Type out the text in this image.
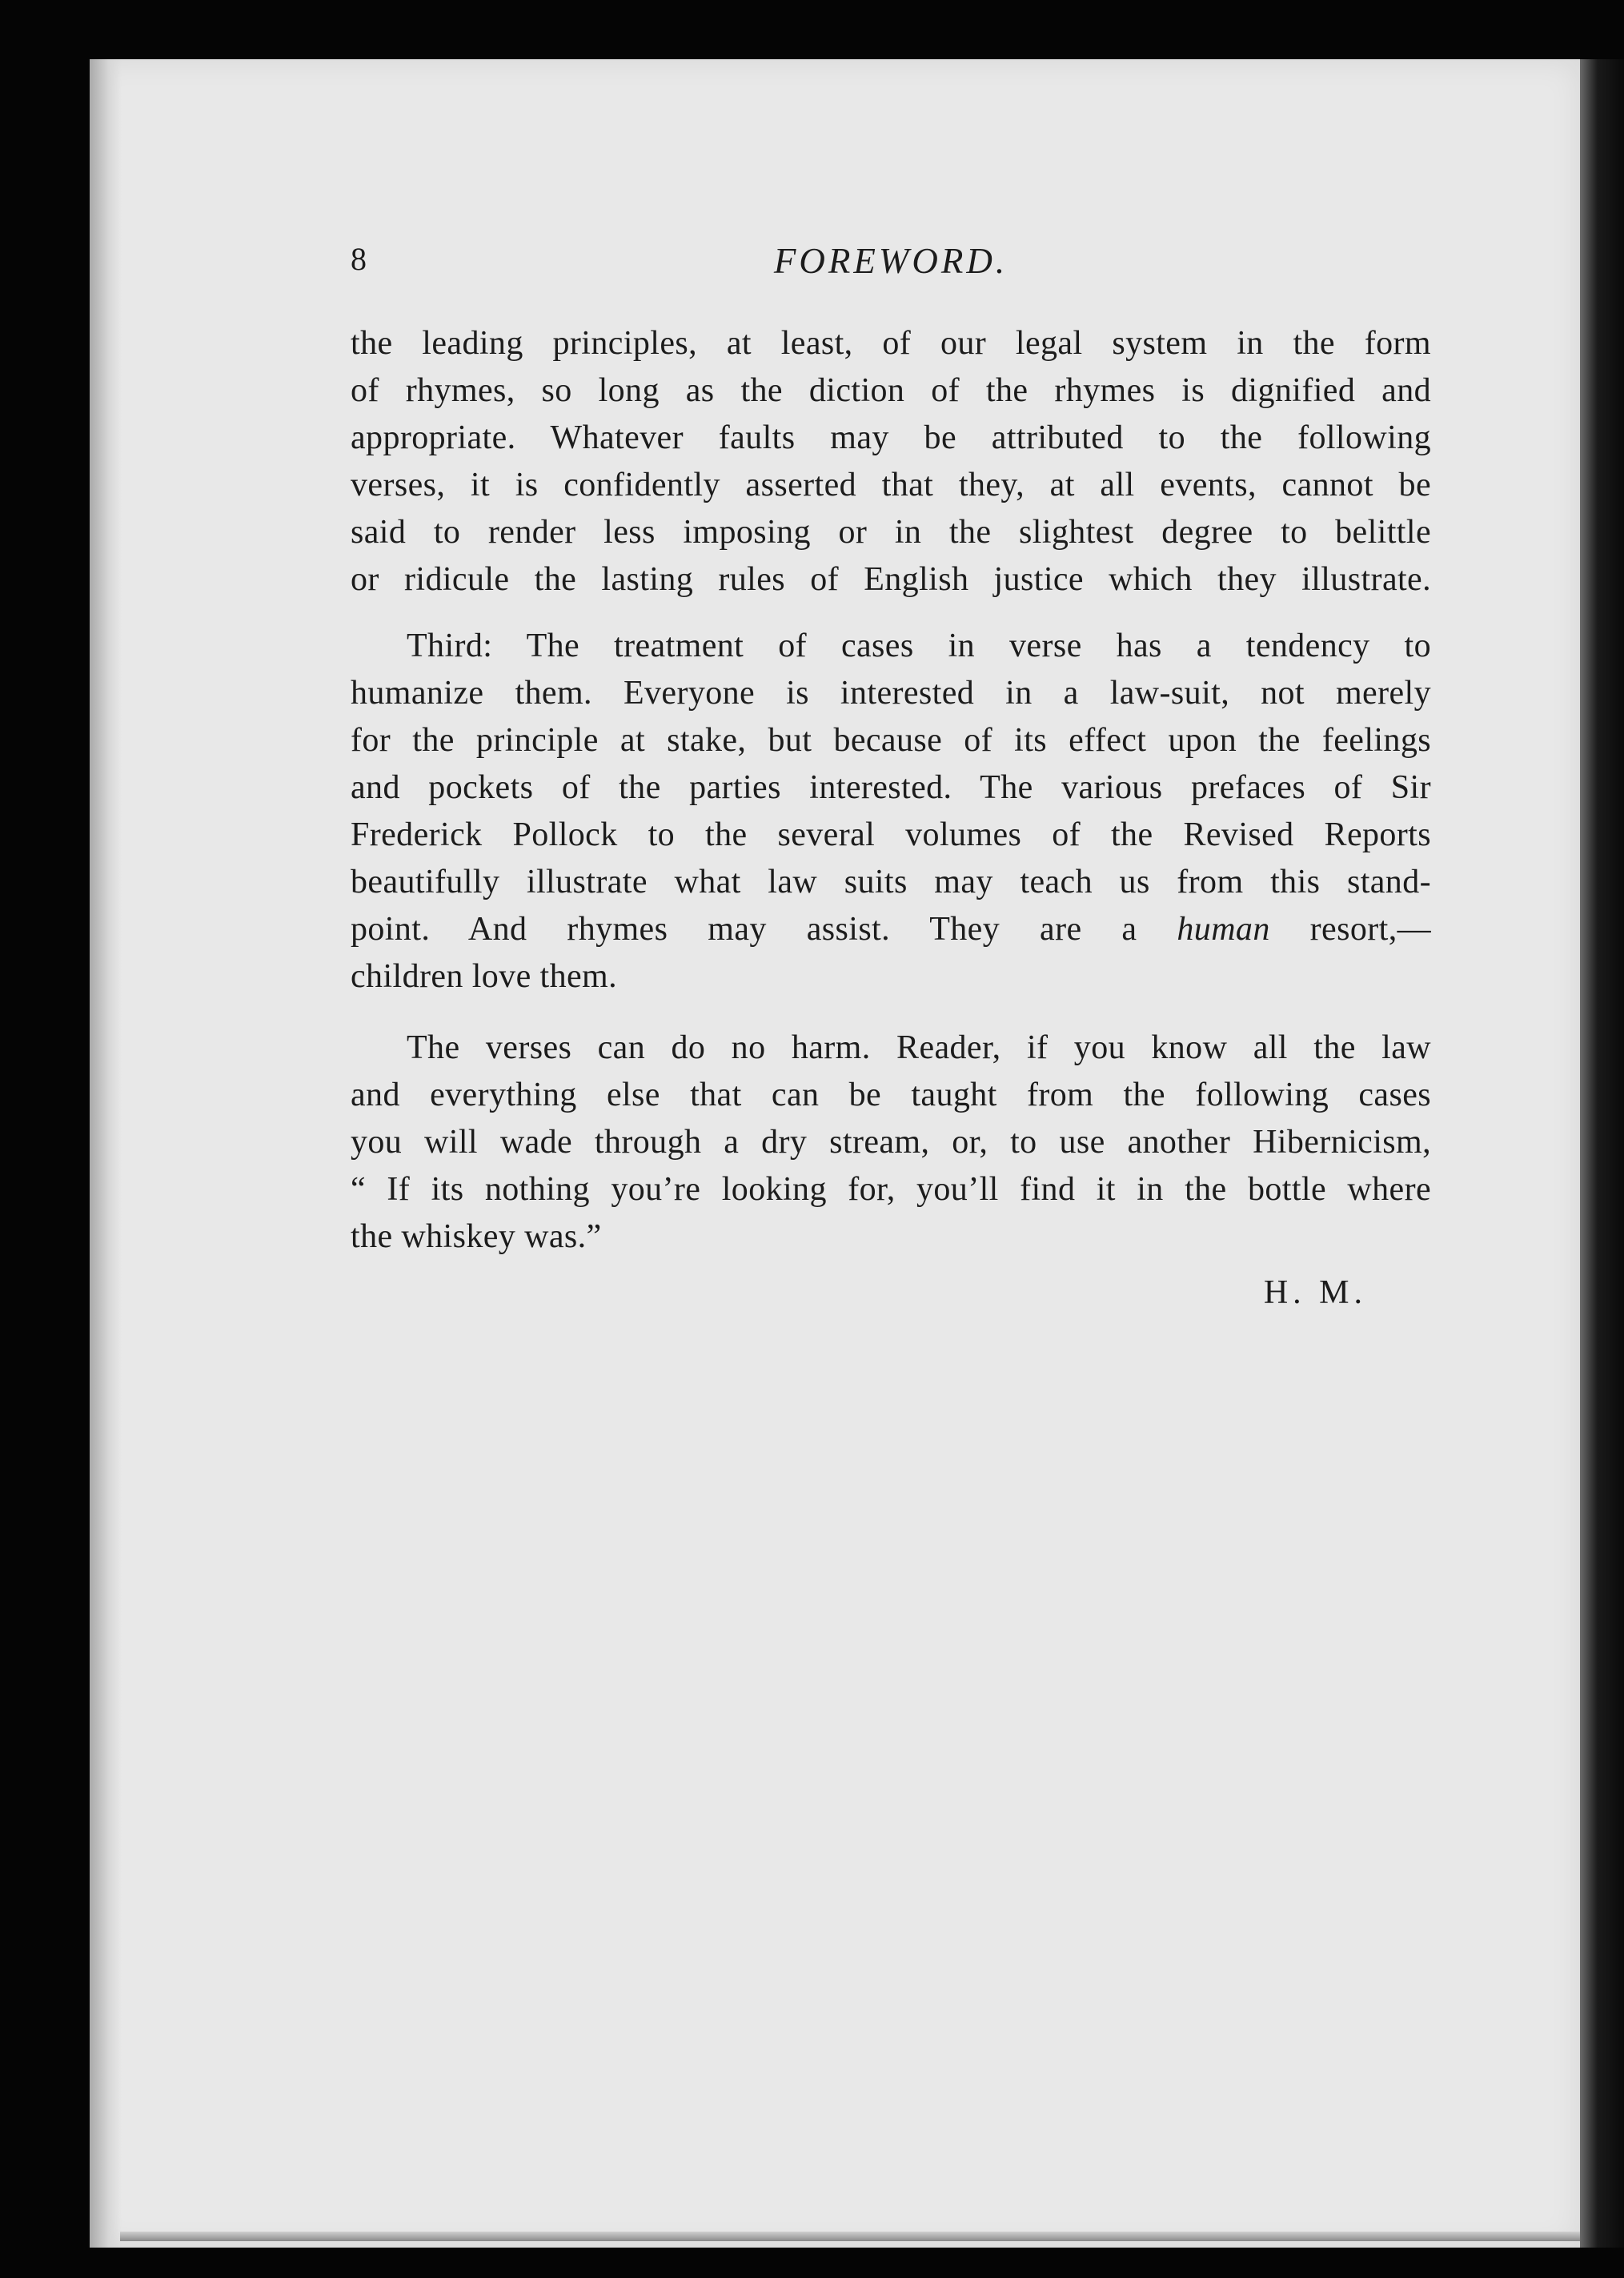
8	FOREWORD.

the leading principles, at least, of our legal system in the form
of rhymes, so long as the diction of the rhymes is dignified and
appropriate. Whatever faults may be attributed to the following
verses, it is confidently asserted that they, at all events, cannot be
said to render less imposing or in the slightest degree to belittle
or ridicule the lasting rules of English justice which they illustrate.

Third: The treatment of cases in verse has a tendency to
humanize them. Everyone is interested in a law-suit, not merely
for the principle at stake, but because of its effect upon the feelings
and pockets of the parties interested. The various prefaces of Sir
Frederick Pollock to the several volumes of the Revised Reports
beautifully illustrate what law suits may teach us from this stand-
point. And rhymes may assist. They are a human resort,—
children love them.

The verses can do no harm. Reader, if you know all the law
and everything else that can be taught from the following cases
you will wade through a dry stream, or, to use another Hibernicism,
“ If its nothing you’re looking for, you’ll find it in the bottle where
the whiskey was.”

H. M.
